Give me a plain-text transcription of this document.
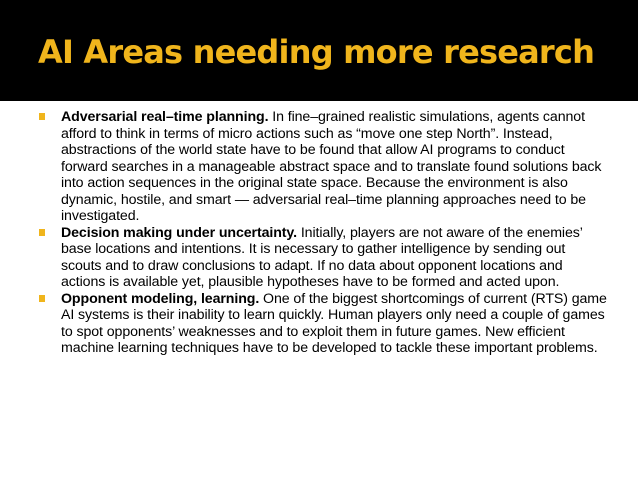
AI Areas needing more research
Adversarial real–time planning. In fine–grained realistic simulations, agents cannot afford to think in terms of micro actions such as “move one step North”. Instead, abstractions of the world state have to be found that allow AI programs to conduct forward searches in a manageable abstract space and to translate found solutions back into action sequences in the original state space. Because the environment is also dynamic, hostile, and smart — adversarial real–time planning approaches need to be investigated.
Decision making under uncertainty. Initially, players are not aware of the enemies’ base locations and intentions. It is necessary to gather intelligence by sending out scouts and to draw conclusions to adapt. If no data about opponent locations and actions is available yet, plausible hypotheses have to be formed and acted upon.
Opponent modeling, learning. One of the biggest shortcomings of current (RTS) game AI systems is their inability to learn quickly. Human players only need a couple of games to spot opponents’ weaknesses and to exploit them in future games. New efficient machine learning techniques have to be developed to tackle these important problems.
